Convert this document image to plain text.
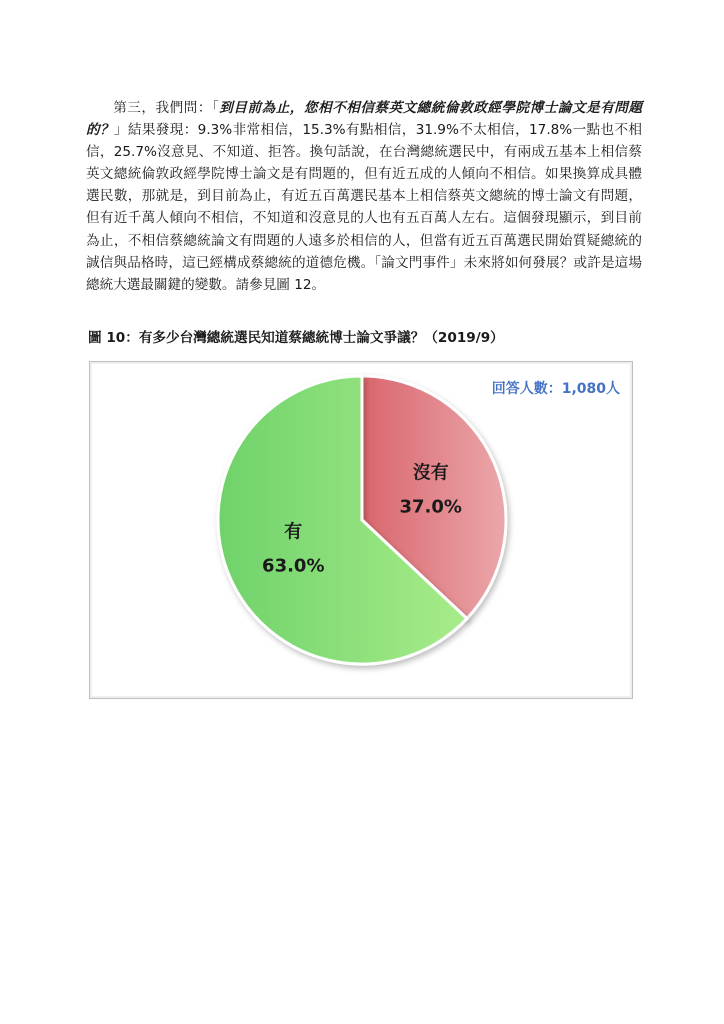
第三，我們問：「到目前為止，您相不相信蔡英文總統倫敦政經學院博士論文是有問題的？」結果發現：9.3%非常相信，15.3%有點相信，31.9%不太相信，17.8%一點也不相信，25.7%沒意見、不知道、拒答。換句話說，在台灣總統選民中，有兩成五基本上相信蔡英文總統倫敦政經學院博士論文是有問題的，但有近五成的人傾向不相信。如果換算成具體選民數，那就是，到目前為止，有近五百萬選民基本上相信蔡英文總統的博士論文有問題，但有近千萬人傾向不相信，不知道和沒意見的人也有五百萬人左右。這個發現顯示，到目前為止，不相信蔡總統論文有問題的人遠多於相信的人，但當有近五百萬選民開始質疑總統的誠信與品格時，這已經構成蔡總統的道德危機。「論文門事件」未來將如何發展？或許是這場總統大選最關鍵的變數。請參見圖 12。

圖 10：有多少台灣總統選民知道蔡總統博士論文爭議？（2019/9）

沒有
37.0%
有
63.0%
回答人數：1,080人
